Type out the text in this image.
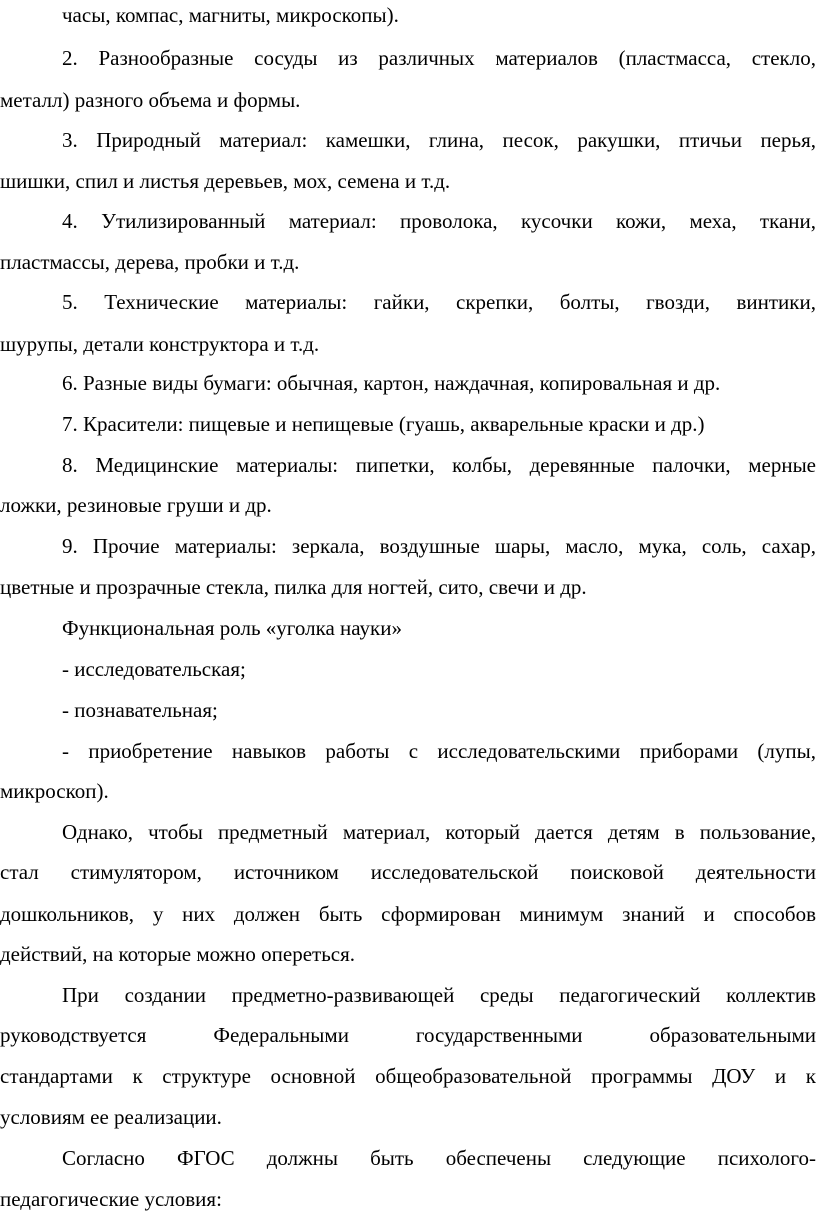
часы, компас, магниты, микроскопы).
2. Разнообразные сосуды из различных материалов (пластмасса, стекло,
металл) разного объема и формы.
3. Природный материал: камешки, глина, песок, ракушки, птичьи перья,
шишки, спил и листья деревьев, мох, семена и т.д.
4. Утилизированный материал: проволока, кусочки кожи, меха, ткани,
пластмассы, дерева, пробки и т.д.
5. Технические материалы: гайки, скрепки, болты, гвозди, винтики,
шурупы, детали конструктора и т.д.
6. Разные виды бумаги: обычная, картон, наждачная, копировальная и др.
7. Красители: пищевые и непищевые (гуашь, акварельные краски и др.)
8. Медицинские материалы: пипетки, колбы, деревянные палочки, мерные
ложки, резиновые груши и др.
9. Прочие материалы: зеркала, воздушные шары, масло, мука, соль, сахар,
цветные и прозрачные стекла, пилка для ногтей, сито, свечи и др.
Функциональная роль «уголка науки»
- исследовательская;
- познавательная;
- приобретение навыков работы с исследовательскими приборами (лупы,
микроскоп).
Однако, чтобы предметный материал, который дается детям в пользование,
стал стимулятором, источником исследовательской поисковой деятельности
дошкольников, у них должен быть сформирован минимум знаний и способов
действий, на которые можно опереться.
При создании предметно-развивающей среды педагогический коллектив
руководствуется Федеральными государственными образовательными
стандартами к структуре основной общеобразовательной программы ДОУ и к
условиям ее реализации.
Согласно ФГОС должны быть обеспечены следующие психолого-
педагогические условия:
